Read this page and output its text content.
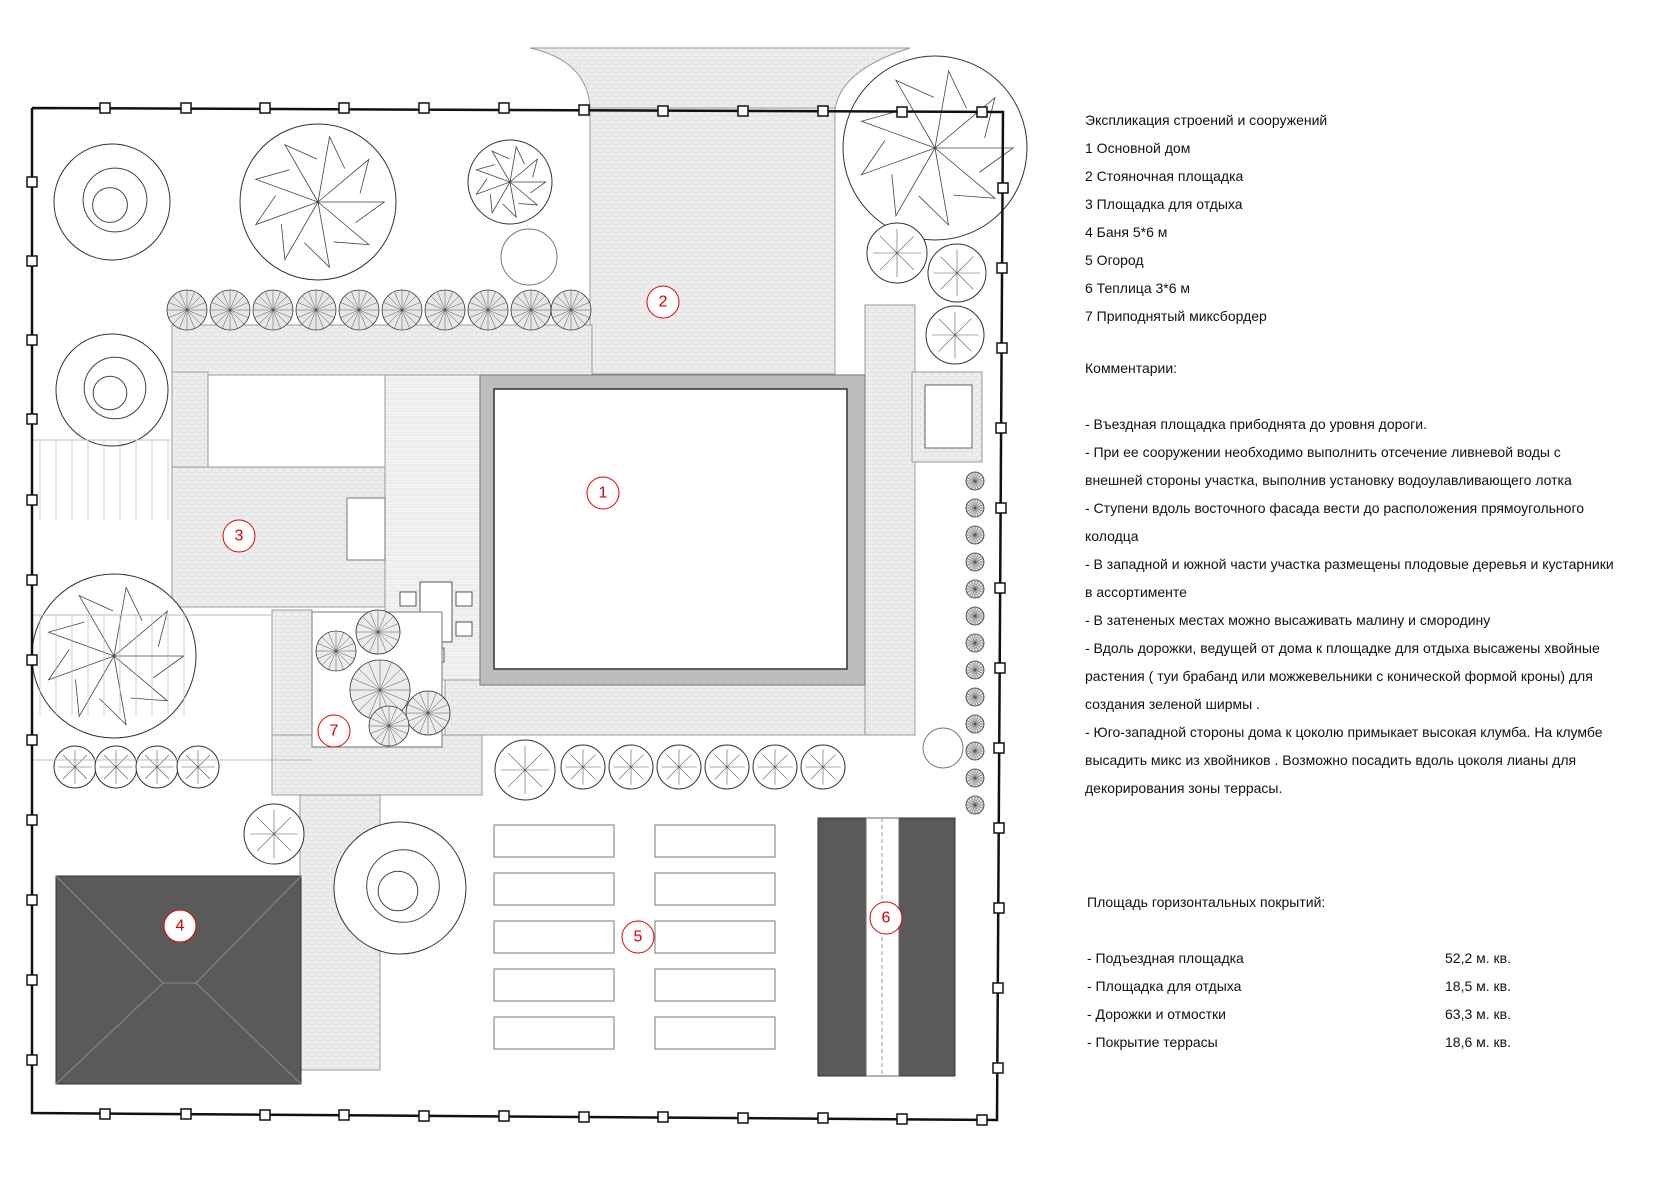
1
2
3
4
5
6
7
Экспликация строений и сооружений
1 Основной дом
2 Стояночная площадка
3 Площадка для отдыха
4 Баня 5*6 м
5 Огород
6 Теплица 3*6 м
7 Приподнятый миксбордер
Комментарии:
- Въездная площадка прибоднята до уровня дороги.
- При ее сооружении необходимо выполнить отсечение ливневой воды с
внешней стороны участка, выполнив установку водоулавливающего лотка
- Ступени вдоль восточного фасада вести до расположения прямоугольного
колодца
- В западной и южной части участка размещены плодовые деревья и кустарники
в ассортименте
- В затененых местах можно высаживать малину и смородину
- Вдоль дорожки, ведущей от дома к площадке для отдыха высажены хвойные
растения ( туи брабанд или можжевельники с конической формой кроны) для
создания зеленой ширмы .
- Юго-западной стороны дома к цоколю примыкает высокая клумба. На клумбе
высадить микс из хвойников . Возможно посадить вдоль цоколя лианы для
декорирования зоны террасы.
Площадь горизонтальных покрытий:
- Подъездная площадка	52,2 м. кв.
- Площадка для отдыха	18,5 м. кв.
- Дорожки и отмостки	63,3 м. кв.
- Покрытие террасы	18,6 м. кв.
